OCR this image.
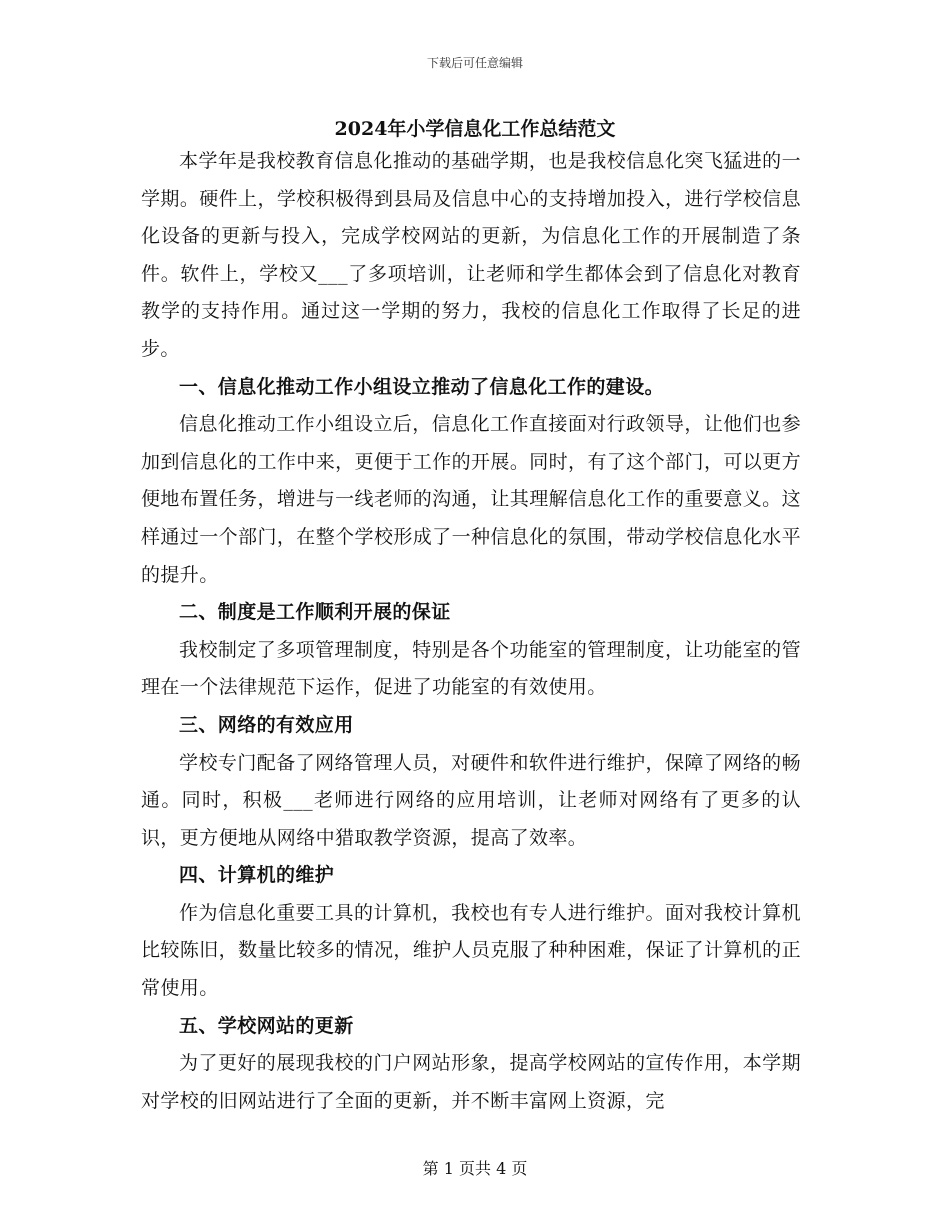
下载后可任意编辑
2024年小学信息化工作总结范文

本学年是我校教育信息化推动的基础学期，也是我校信息化突飞猛进的一学期。硬件上，学校积极得到县局及信息中心的支持增加投入，进行学校信息化设备的更新与投入，完成学校网站的更新，为信息化工作的开展制造了条件。软件上，学校又___了多项培训，让老师和学生都体会到了信息化对教育教学的支持作用。通过这一学期的努力，我校的信息化工作取得了长足的进步。

一、信息化推动工作小组设立推动了信息化工作的建设。

信息化推动工作小组设立后，信息化工作直接面对行政领导，让他们也参加到信息化的工作中来，更便于工作的开展。同时，有了这个部门，可以更方便地布置任务，增进与一线老师的沟通，让其理解信息化工作的重要意义。这样通过一个部门，在整个学校形成了一种信息化的氛围，带动学校信息化水平的提升。

二、制度是工作顺利开展的保证

我校制定了多项管理制度，特别是各个功能室的管理制度，让功能室的管理在一个法律规范下运作，促进了功能室的有效使用。

三、网络的有效应用

学校专门配备了网络管理人员，对硬件和软件进行维护，保障了网络的畅通。同时，积极___老师进行网络的应用培训，让老师对网络有了更多的认识，更方便地从网络中猎取教学资源，提高了效率。

四、计算机的维护

作为信息化重要工具的计算机，我校也有专人进行维护。面对我校计算机比较陈旧，数量比较多的情况，维护人员克服了种种困难，保证了计算机的正常使用。

五、学校网站的更新

为了更好的展现我校的门户网站形象，提高学校网站的宣传作用，本学期对学校的旧网站进行了全面的更新，并不断丰富网上资源，完

第 1 页共 4 页
